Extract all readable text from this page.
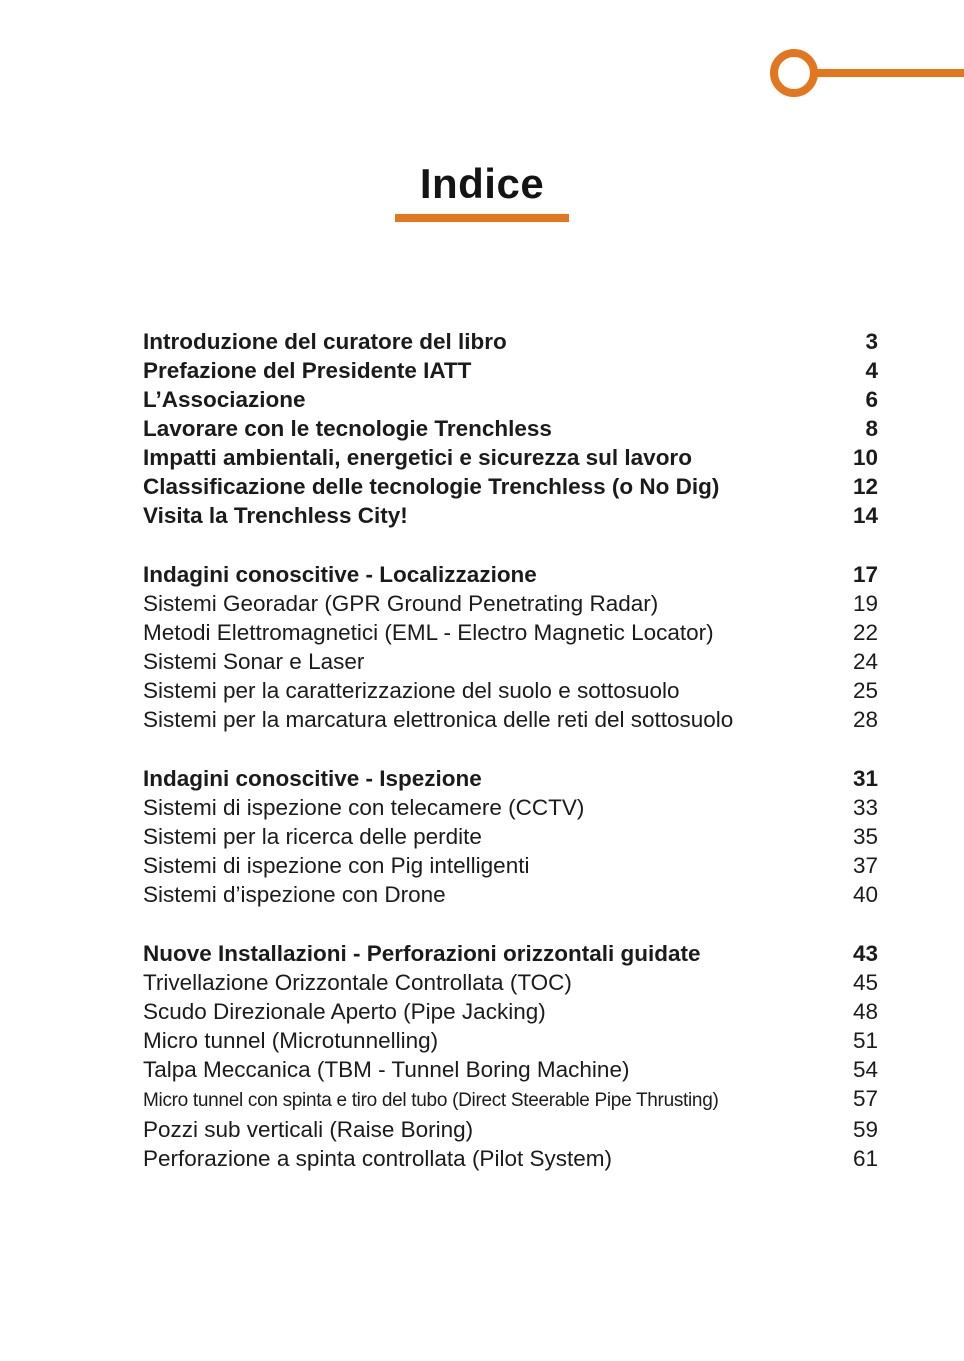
Indice
Introduzione del curatore del libro	3
Prefazione del Presidente IATT	4
L’Associazione	6
Lavorare con le tecnologie Trenchless	8
Impatti ambientali, energetici e sicurezza sul lavoro	10
Classificazione delle tecnologie Trenchless (o No Dig)	12
Visita la Trenchless City!	14
Indagini conoscitive - Localizzazione	17
Sistemi Georadar (GPR Ground Penetrating Radar)	19
Metodi Elettromagnetici (EML - Electro Magnetic Locator)	22
Sistemi Sonar e Laser	24
Sistemi per la caratterizzazione del suolo e sottosuolo	25
Sistemi per la marcatura elettronica delle reti del sottosuolo	28
Indagini conoscitive - Ispezione	31
Sistemi di ispezione con telecamere (CCTV)	33
Sistemi per la ricerca delle perdite	35
Sistemi di ispezione con Pig intelligenti	37
Sistemi d’ispezione con Drone	40
Nuove Installazioni - Perforazioni orizzontali guidate	43
Trivellazione Orizzontale Controllata (TOC)	45
Scudo Direzionale Aperto (Pipe Jacking)	48
Micro tunnel (Microtunnelling)	51
Talpa Meccanica (TBM - Tunnel Boring Machine)	54
Micro tunnel con spinta e tiro del tubo (Direct Steerable Pipe Thrusting)	57
Pozzi sub verticali (Raise Boring)	59
Perforazione a spinta controllata (Pilot System)	61
